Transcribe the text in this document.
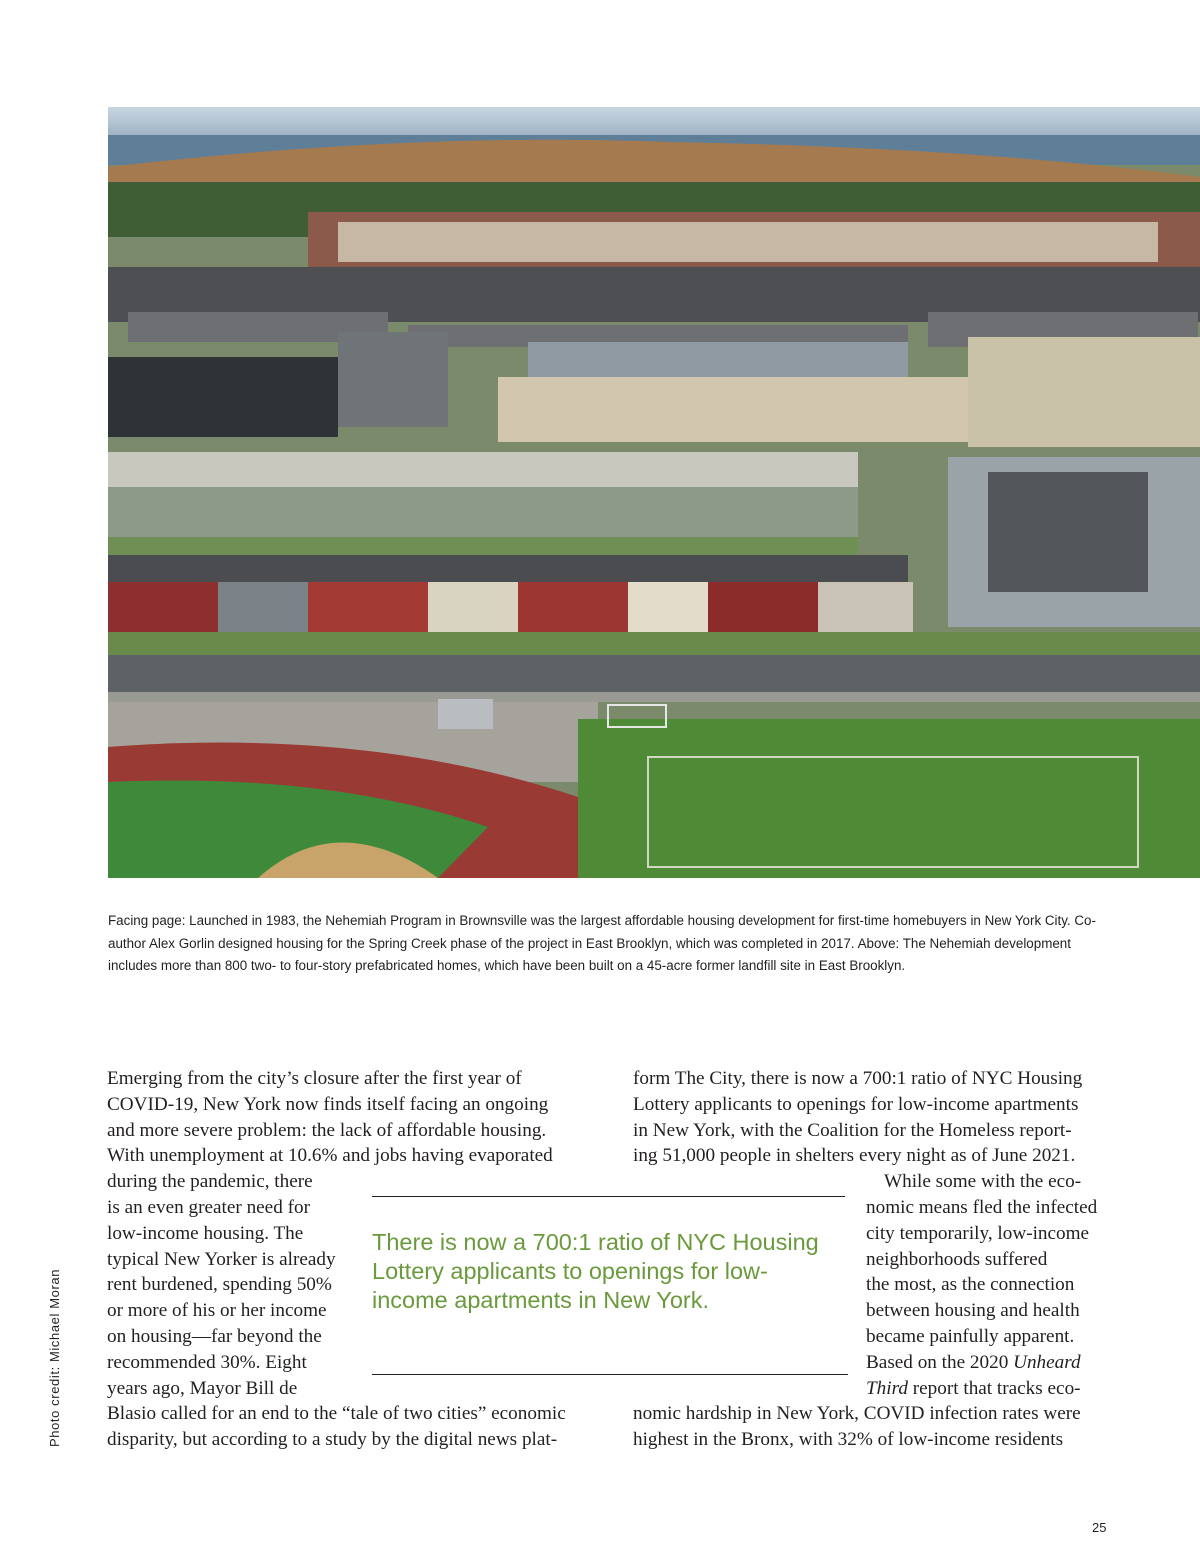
Facing page: Launched in 1983, the Nehemiah Program in Brownsville was the largest affordable housing development for first-time homebuyers in New York City. Co-author Alex Gorlin designed housing for the Spring Creek phase of the project in East Brooklyn, which was completed in 2017. Above: The Nehemiah development includes more than 800 two- to four-story prefabricated homes, which have been built on a 45-acre former landfill site in East Brooklyn.
Photo credit: Michael Moran
Emerging from the city’s closure after the first year of
COVID-19, New York now finds itself facing an ongoing
and more severe problem: the lack of affordable housing.
With unemployment at 10.6% and jobs having evaporated
during the pandemic, there
is an even greater need for
low-income housing. The
typical New Yorker is already
rent burdened, spending 50%
or more of his or her income
on housing—far beyond the
recommended 30%. Eight
years ago, Mayor Bill de
Blasio called for an end to the “tale of two cities” economic
disparity, but according to a study by the digital news plat-
form The City, there is now a 700:1 ratio of NYC Housing
Lottery applicants to openings for low-income apartments
in New York, with the Coalition for the Homeless report-
ing 51,000 people in shelters every night as of June 2021.
While some with the eco-
nomic means fled the infected
city temporarily, low-income
neighborhoods suffered
the most, as the connection
between housing and health
became painfully apparent.
Based on the 2020 Unheard
Third report that tracks eco-
nomic hardship in New York, COVID infection rates were
highest in the Bronx, with 32% of low-income residents
There is now a 700:1 ratio of NYC Housing Lottery applicants to openings for low-income apartments in New York.
25
